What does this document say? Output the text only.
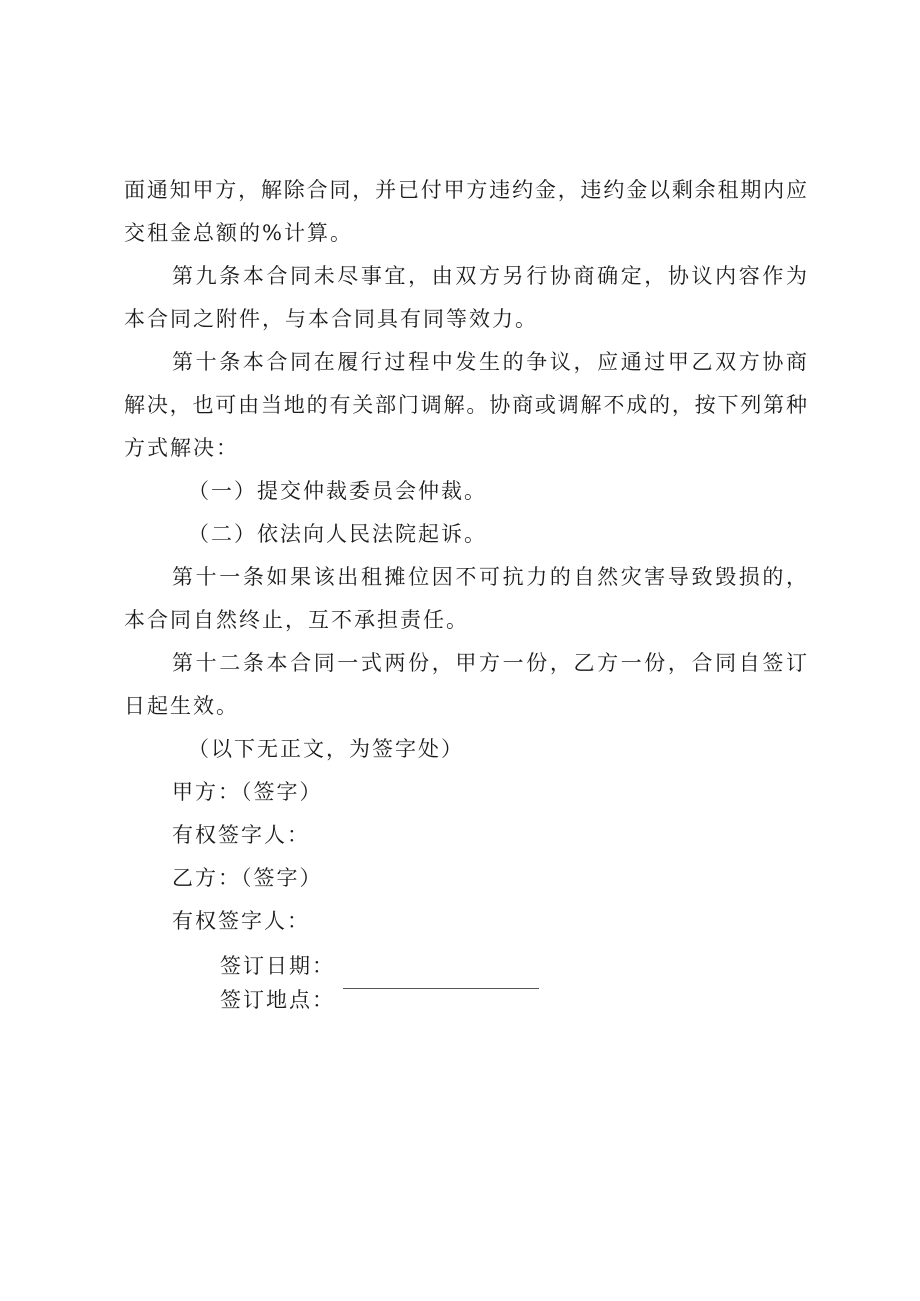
面通知甲方，解除合同，并已付甲方违约金，违约金以剩余租期内应
交租金总额的%计算。
第九条本合同未尽事宜，由双方另行协商确定，协议内容作为
本合同之附件，与本合同具有同等效力。
第十条本合同在履行过程中发生的争议，应通过甲乙双方协商
解决，也可由当地的有关部门调解。协商或调解不成的，按下列第种
方式解决：
（一）提交仲裁委员会仲裁。
（二）依法向人民法院起诉。
第十一条如果该出租摊位因不可抗力的自然灾害导致毁损的，
本合同自然终止，互不承担责任。
第十二条本合同一式两份，甲方一份，乙方一份，合同自签订
日起生效。
（以下无正文，为签字处）
甲方：（签字）
有权签字人：
乙方：（签字）
有权签字人：
签订日期：
签订地点：
